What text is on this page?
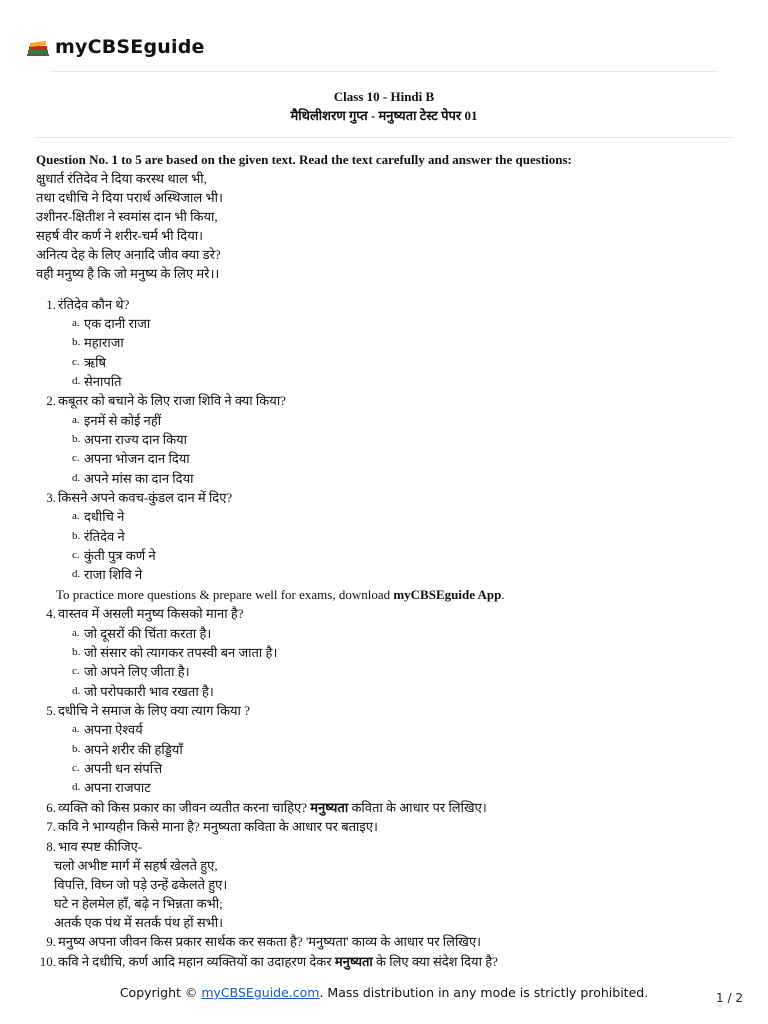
myCBSEguide
Class 10 - Hindi B
मैथिलीशरण गुप्त - मनुष्यता टेस्ट पेपर 01
Question No. 1 to 5 are based on the given text. Read the text carefully and answer the questions:
क्षुधार्त रंतिदेव ने दिया करस्थ थाल भी,
तथा दधीचि ने दिया परार्थ अस्थिजाल भी।
उशीनर-क्षितीश ने स्वमांस दान भी किया,
सहर्ष वीर कर्ण ने शरीर-चर्म भी दिया।
अनित्य देह के लिए अनादि जीव क्या डरे?
वही मनुष्य है कि जो मनुष्य के लिए मरे।।
1. रंतिदेव कौन थे?
a. एक दानी राजा
b. महाराजा
c. ऋषि
d. सेनापति
2. कबूतर को बचाने के लिए राजा शिवि ने क्या किया?
a. इनमें से कोई नहीं
b. अपना राज्य दान किया
c. अपना भोजन दान दिया
d. अपने मांस का दान दिया
3. किसने अपने कवच-कुंडल दान में दिए?
a. दधीचि ने
b. रंतिदेव ने
c. कुंती पुत्र कर्ण ने
d. राजा शिवि ने
To practice more questions & prepare well for exams, download myCBSEguide App.
4. वास्तव में असली मनुष्य किसको माना है?
a. जो दूसरों की चिंता करता है।
b. जो संसार को त्यागकर तपस्वी बन जाता है।
c. जो अपने लिए जीता है।
d. जो परोपकारी भाव रखता है।
5. दधीचि ने समाज के लिए क्या त्याग किया ?
a. अपना ऐश्वर्य
b. अपने शरीर की हड्डियाँ
c. अपनी धन संपत्ति
d. अपना राजपाट
6. व्यक्ति को किस प्रकार का जीवन व्यतीत करना चाहिए? मनुष्यता कविता के आधार पर लिखिए।
7. कवि ने भाग्यहीन किसे माना है? मनुष्यता कविता के आधार पर बताइए।
8. भाव स्पष्ट कीजिए-
चलो अभीष्ट मार्ग में सहर्ष खेलते हुए,
विपत्ति, विघ्न जो पड़े उन्हें ढकेलते हुए।
घटे न हेलमेल हाँ, बढ़े न भिन्नता कभी;
अतर्क एक पंथ में सतर्क पंथ हों सभी।
9. मनुष्य अपना जीवन किस प्रकार सार्थक कर सकता है? 'मनुष्यता' काव्य के आधार पर लिखिए।
10. कवि ने दधीचि, कर्ण आदि महान व्यक्तियों का उदाहरण देकर मनुष्यता के लिए क्या संदेश दिया है?
Copyright © myCBSEguide.com. Mass distribution in any mode is strictly prohibited.	1 / 2
